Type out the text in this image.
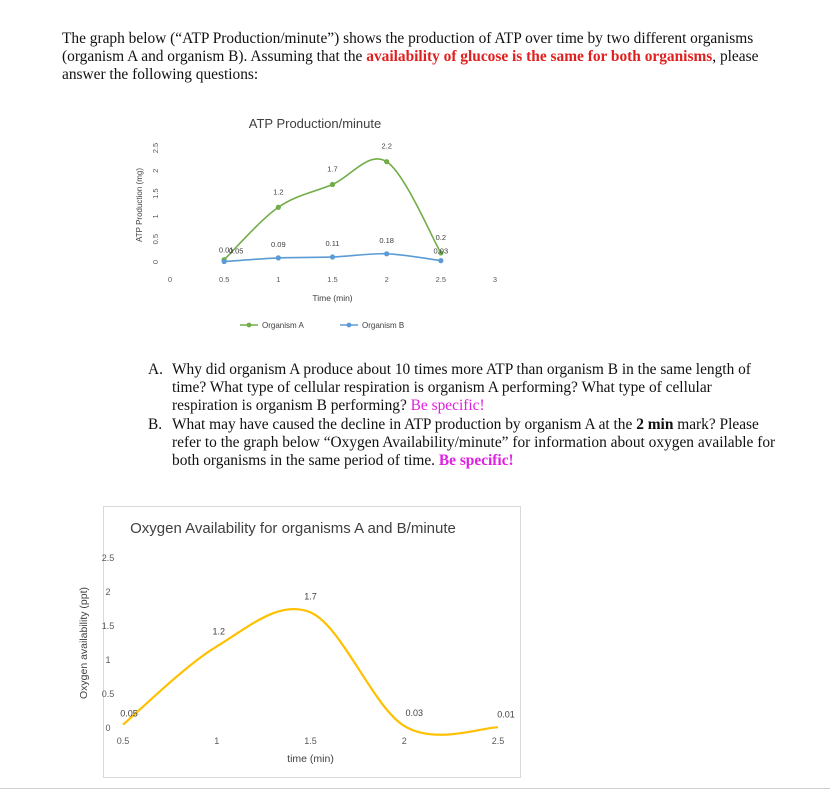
The graph below (“ATP Production/minute”) shows the production of ATP over time by two different organisms (organism A and organism B). Assuming that the availability of glucose is the same for both organisms, please answer the following questions:
ATP Production/minute
ATP Production (mg)
Time (min)
0
0.5
1
1.5
2
2.5
0	0.5	1	1.5	2	2.5	3
0.05
1.2
1.7
2.2
0.2
0.01
0.09	0.11	0.18
0.03
Organism A	Organism B
A. Why did organism A produce about 10 times more ATP than organism B in the same length of time? What type of cellular respiration is organism A performing? What type of cellular respiration is organism B performing? Be specific!
B. What may have caused the decline in ATP production by organism A at the 2 min mark? Please refer to the graph below “Oxygen Availability/minute” for information about oxygen available for both organisms in the same period of time. Be specific!
Oxygen Availability for organisms A and B/minute
Oxygen availability (ppt)
time (min)
0
0.5
1
1.5
2
2.5
0.5	1	1.5	2	2.5
0.05
1.2
1.7
0.03	0.01
